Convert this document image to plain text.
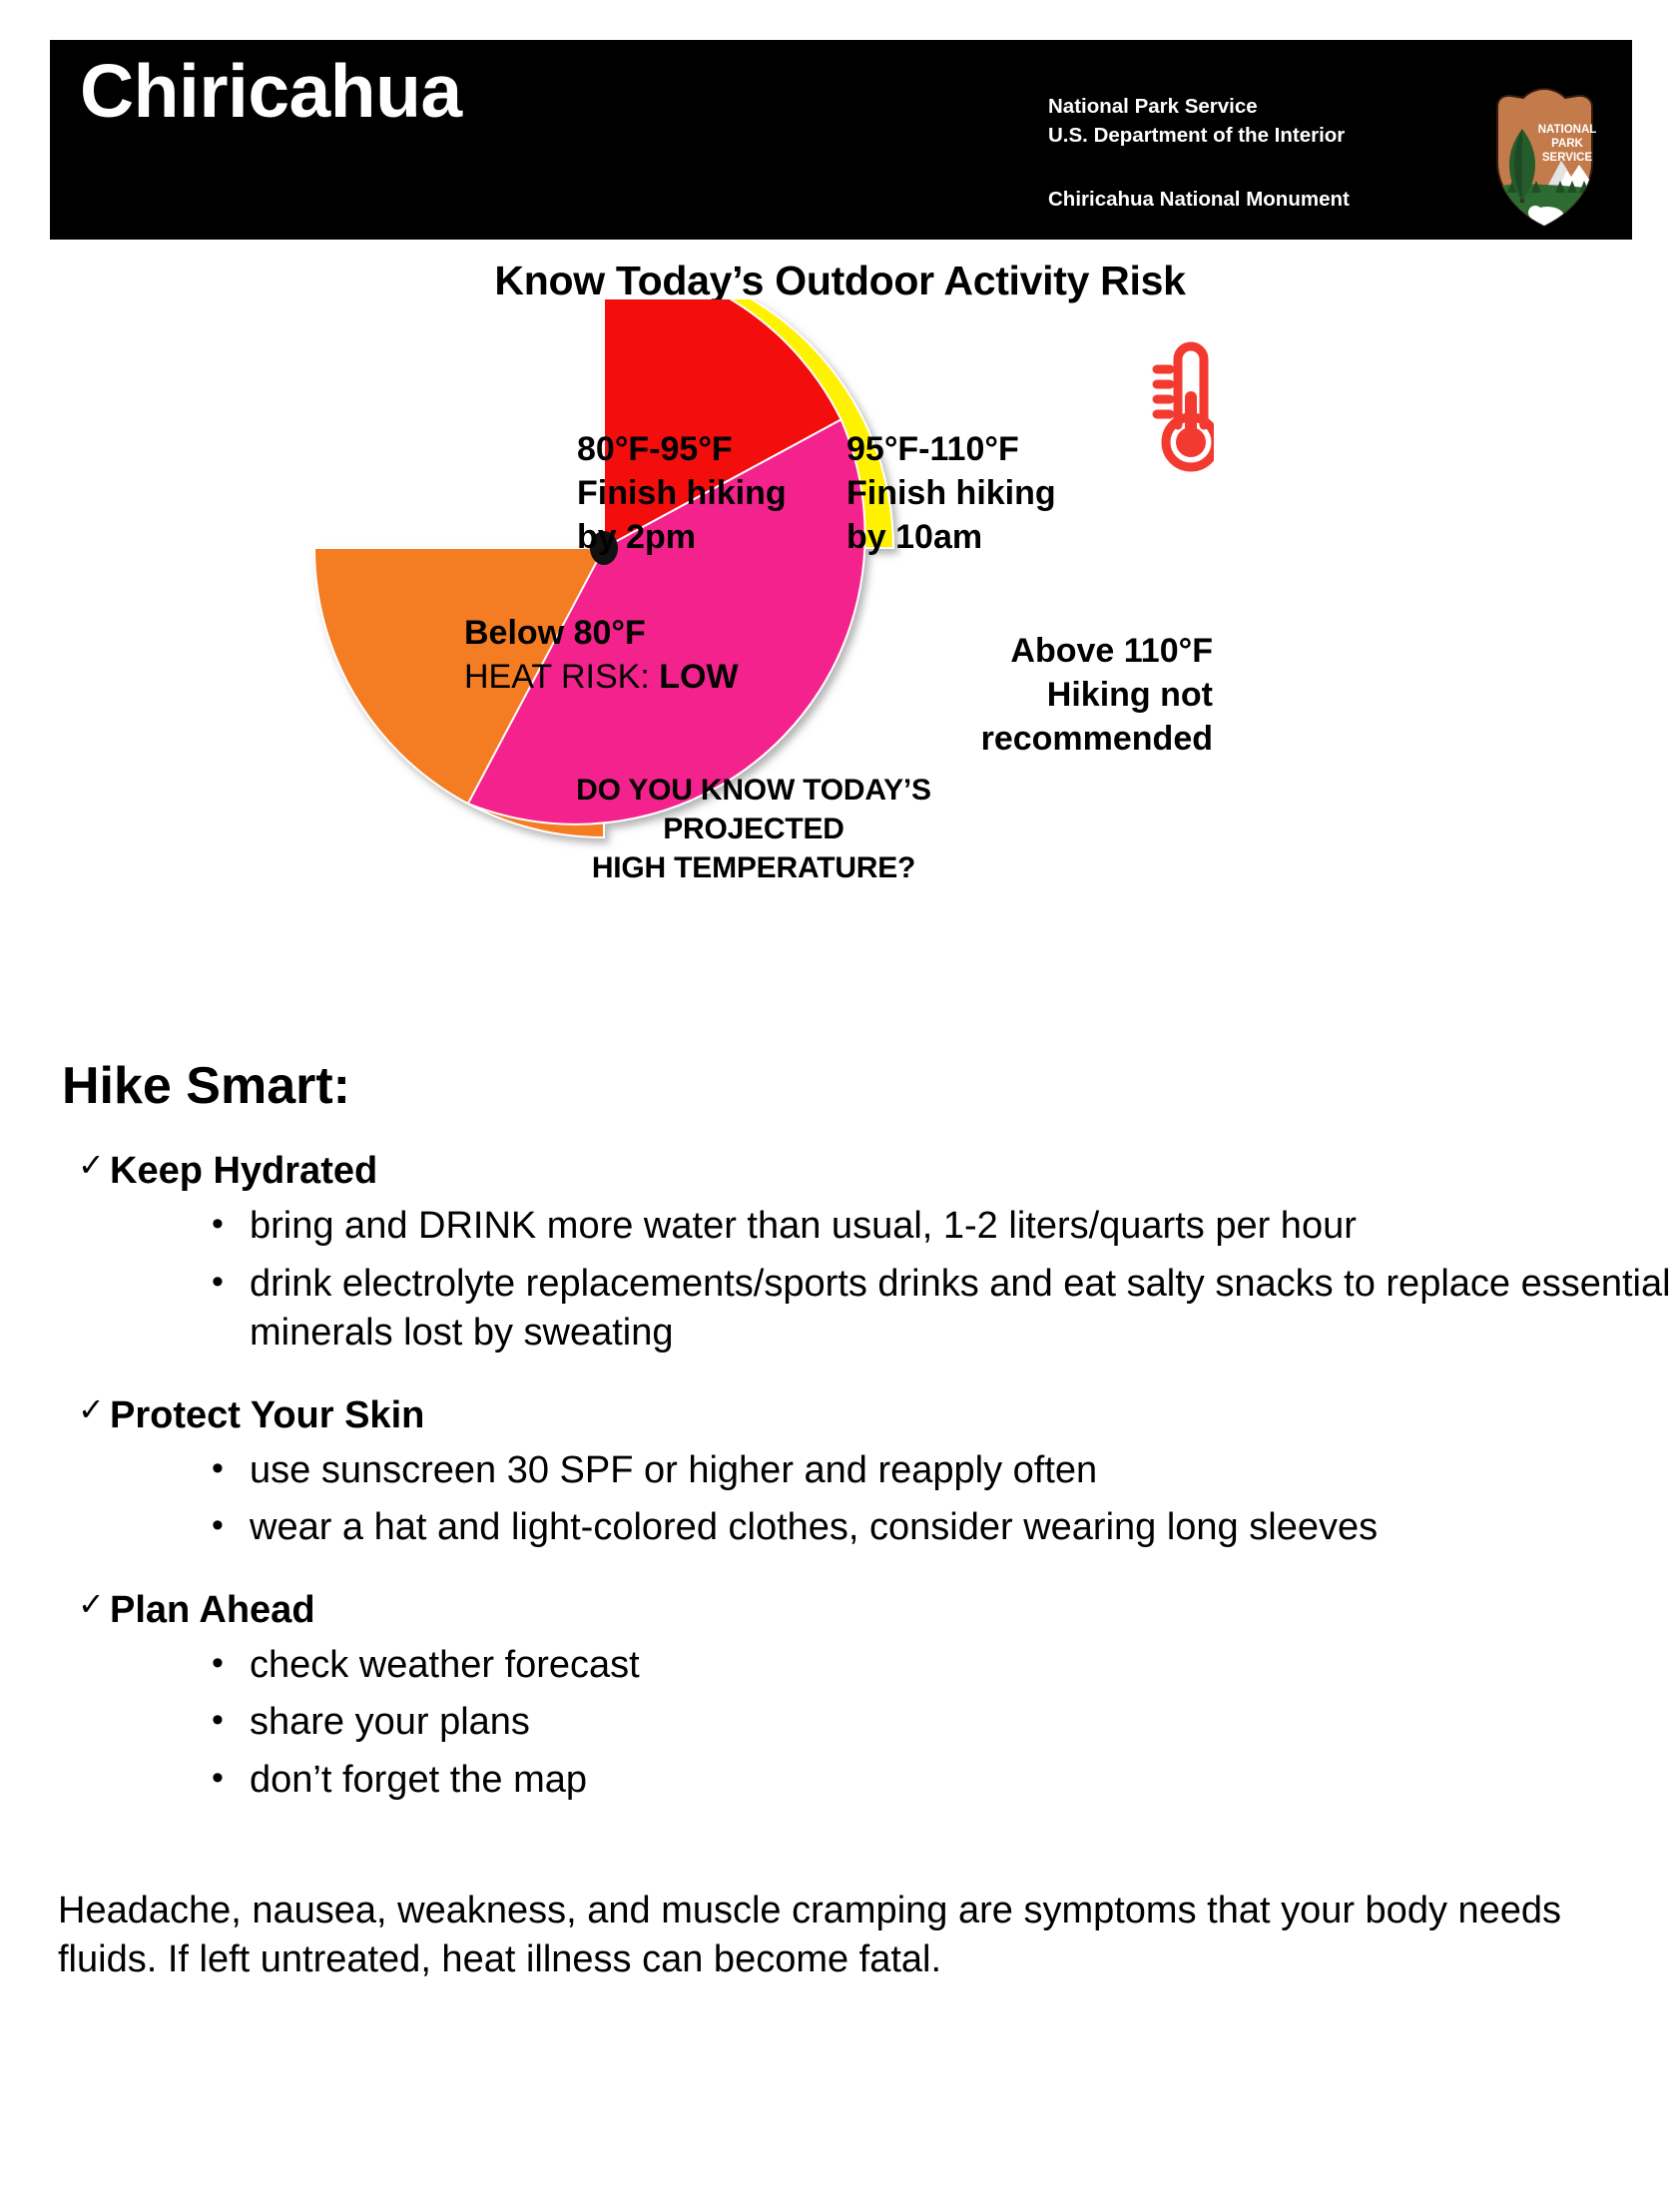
Chiricahua	National Park Service
U.S. Department of the Interior
Chiricahua National Monument
NATIONAL
PARK
SERVICE
Know Today’s Outdoor Activity Risk
80°F-95°F
Finish hiking
by 2pm
95°F-110°F
Finish hiking
by 10am
Above 110°F
Hiking not
recommended
Below 80°F
HEAT RISK: LOW
DO YOU KNOW TODAY’S
PROJECTED
HIGH TEMPERATURE?
Hike Smart:
✓ Keep Hydrated
• bring and DRINK more water than usual, 1-2 liters/quarts per hour
• drink electrolyte replacements/sports drinks and eat salty snacks to replace essential minerals lost by sweating
✓ Protect Your Skin
• use sunscreen 30 SPF or higher and reapply often
• wear a hat and light-colored clothes, consider wearing long sleeves
✓ Plan Ahead
• check weather forecast
• share your plans
• don’t forget the map
Headache, nausea, weakness, and muscle cramping are symptoms that your body needs fluids. If left untreated, heat illness can become fatal.
